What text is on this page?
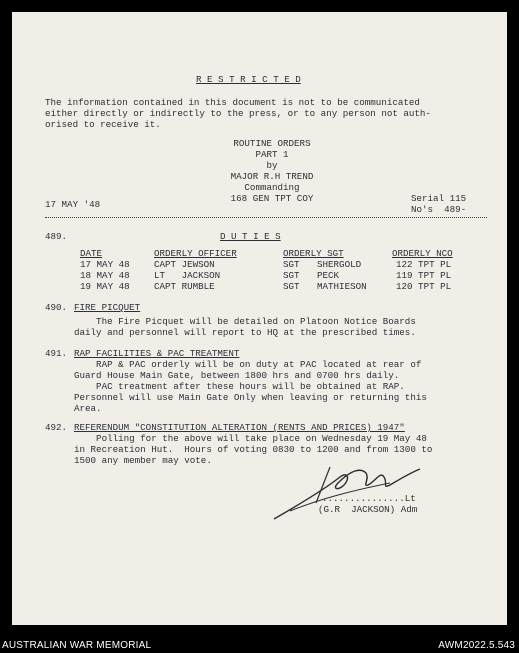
R E S T R I C T E D
The information contained in this document is not to be communicated
either directly or indirectly to the press, or to any person not auth-
orised to receive it.
ROUTINE ORDERS
PART 1
by
MAJOR R.H TREND
Commanding
168 GEN TPT COY
17 MAY '48
Serial 115
No's  489-
489.	D U T I E S
DATE	ORDERLY OFFICER	ORDERLY SGT	ORDERLY NCO
17 MAY 48	CAPT JEWSON	SGT SHERGOLD	122 TPT PL
18 MAY 48	LT   JACKSON	SGT PECK	119 TPT PL
19 MAY 48	CAPT RUMBLE	SGT MATHIESON	120 TPT PL
490. FIRE PICQUET
The Fire Picquet will be detailed on Platoon Notice Boards
daily and personnel will report to HQ at the prescribed times.
491. RAP FACILITIES & PAC TREATMENT
RAP & PAC orderly will be on duty at PAC located at rear of
Guard House Main Gate, between 1800 hrs and 0700 hrs daily.
PAC treatment after these hours will be obtained at RAP.
Personnel will use Main Gate Only when leaving or returning this
Area.
492. REFERENDUM "CONSTITUTION ALTERATION (RENTS AND PRICES) 1947"
Polling for the above will take place on Wednesday 19 May 48
in Recreation Hut.  Hours of voting 0830 to 1200 and from 1300 to
1500 any member may vote.
...............Lt
(G.R  JACKSON) Adm
AUSTRALIAN WAR MEMORIAL	AWM2022.5.543
